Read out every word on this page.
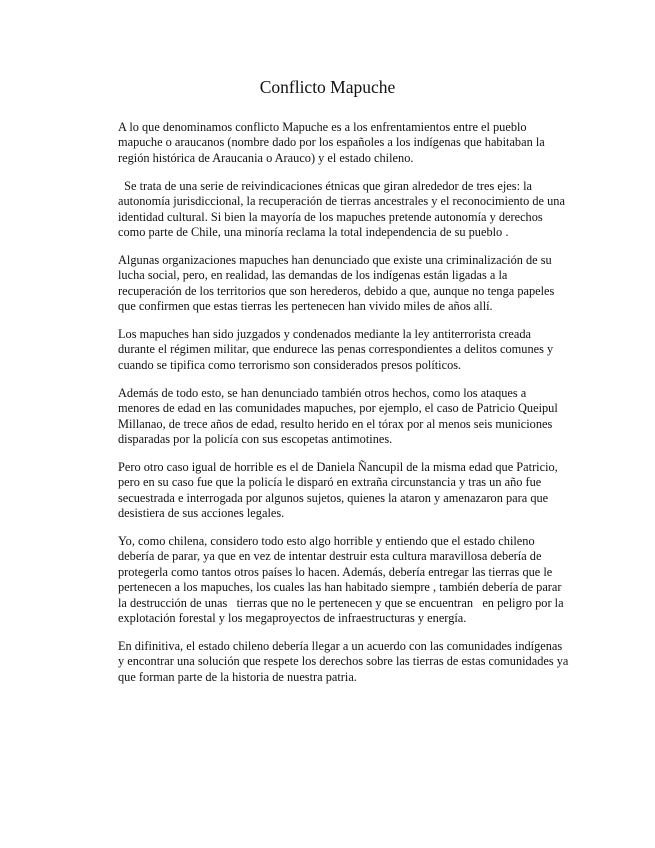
Conflicto Mapuche

A lo que denominamos conflicto Mapuche es a los enfrentamientos entre el pueblo mapuche o araucanos (nombre dado por los españoles a los indígenas que habitaban la región histórica de Araucania o Arauco) y el estado chileno.

Se trata de una serie de reivindicaciones étnicas que giran alrededor de tres ejes: la autonomía jurisdiccional, la recuperación de tierras ancestrales y el reconocimiento de una identidad cultural. Si bien la mayoría de los mapuches pretende autonomía y derechos como parte de Chile, una minoría reclama la total independencia de su pueblo .

Algunas organizaciones mapuches han denunciado que existe una criminalización de su lucha social, pero, en realidad, las demandas de los indígenas están ligadas a la recuperación de los territorios que son herederos, debido a que, aunque no tenga papeles que confirmen que estas tierras les pertenecen han vivido miles de años allí.

Los mapuches han sido juzgados y condenados mediante la ley antiterrorista creada durante el régimen militar, que endurece las penas correspondientes a delitos comunes y cuando se tipifica como terrorismo son considerados presos políticos.

Además de todo esto, se han denunciado también otros hechos, como los ataques a menores de edad en las comunidades mapuches, por ejemplo, el caso de Patricio Queipul Millanao, de trece años de edad, resulto herido en el tórax por al menos seis municiones disparadas por la policía con sus escopetas antimotines.

Pero otro caso igual de horrible es el de Daniela Ñancupil de la misma edad que Patricio, pero en su caso fue que la policía le disparó en extraña circunstancia y tras un año fue secuestrada e interrogada por algunos sujetos, quienes la ataron y amenazaron para que desistiera de sus acciones legales.

Yo, como chilena, considero todo esto algo horrible y entiendo que el estado chileno debería de parar, ya que en vez de intentar destruir esta cultura maravillosa debería de protegerla como tantos otros países lo hacen. Además, debería entregar las tierras que le pertenecen a los mapuches, los cuales las han habitado siempre , también debería de parar la destrucción de unas   tierras que no le pertenecen y que se encuentran   en peligro por la explotación forestal y los megaproyectos de infraestructuras y energía.

En difinitiva, el estado chileno debería llegar a un acuerdo con las comunidades indígenas y encontrar una solución que respete los derechos sobre las tierras de estas comunidades ya que forman parte de la historia de nuestra patria.
